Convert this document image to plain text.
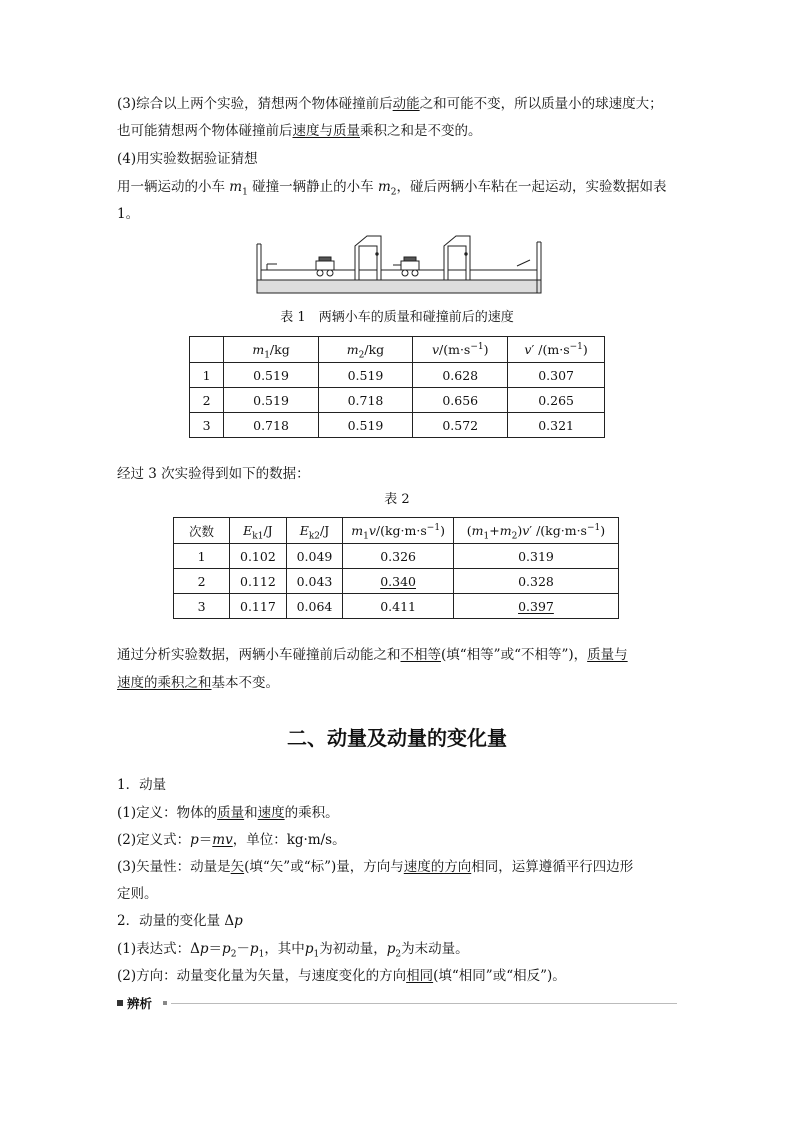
(3)综合以上两个实验，猜想两个物体碰撞前后动能之和可能不变，所以质量小的球速度大；
也可能猜想两个物体碰撞前后速度与质量乘积之和是不变的。
(4)用实验数据验证猜想
用一辆运动的小车 $m_1$ 碰撞一辆静止的小车 $m_2$，碰后两辆小车粘在一起运动，实验数据如表
1。
表 1　两辆小车的质量和碰撞前后的速度
	$m_1/kg$	$m_2/kg$	$v/(m\cdot s^{-1})$	v′ $/(m\cdot s^{-1})$
1	0.519	0.519	0.628	0.307
2	0.519	0.718	0.656	0.265
3	0.718	0.519	0.572	0.321
经过 3 次实验得到如下的数据：
表 2
次数	$E_{k1}/J$	$E_{k2}/J$	$m_1v/(kg\cdot m\cdot s^{-1})$	$(m_1+m_2)v'$ $/(kg\cdot m\cdot s^{-1})$
1	0.102	0.049	0.326	0.319
2	0.112	0.043	0.340	0.328
3	0.117	0.064	0.411	0.397
通过分析实验数据，两辆小车碰撞前后动能之和不相等(填“相等”或“不相等”)，质量与
速度的乘积之和基本不变。
二、动量及动量的变化量
1．动量
(1)定义：物体的质量和速度的乘积。
(2)定义式：p＝mv，单位：kg·m/s。
(3)矢量性：动量是矢(填“矢”或“标”)量，方向与速度的方向相同，运算遵循平行四边形
定则。
2．动量的变化量 Δp
(1)表达式：$\Delta p=p_2-p_1$，其中$p_1$为初动量，$p_2$为末动量。
(2)方向：动量变化量为矢量，与速度变化的方向相同(填“相同”或“相反”)。
辨析
